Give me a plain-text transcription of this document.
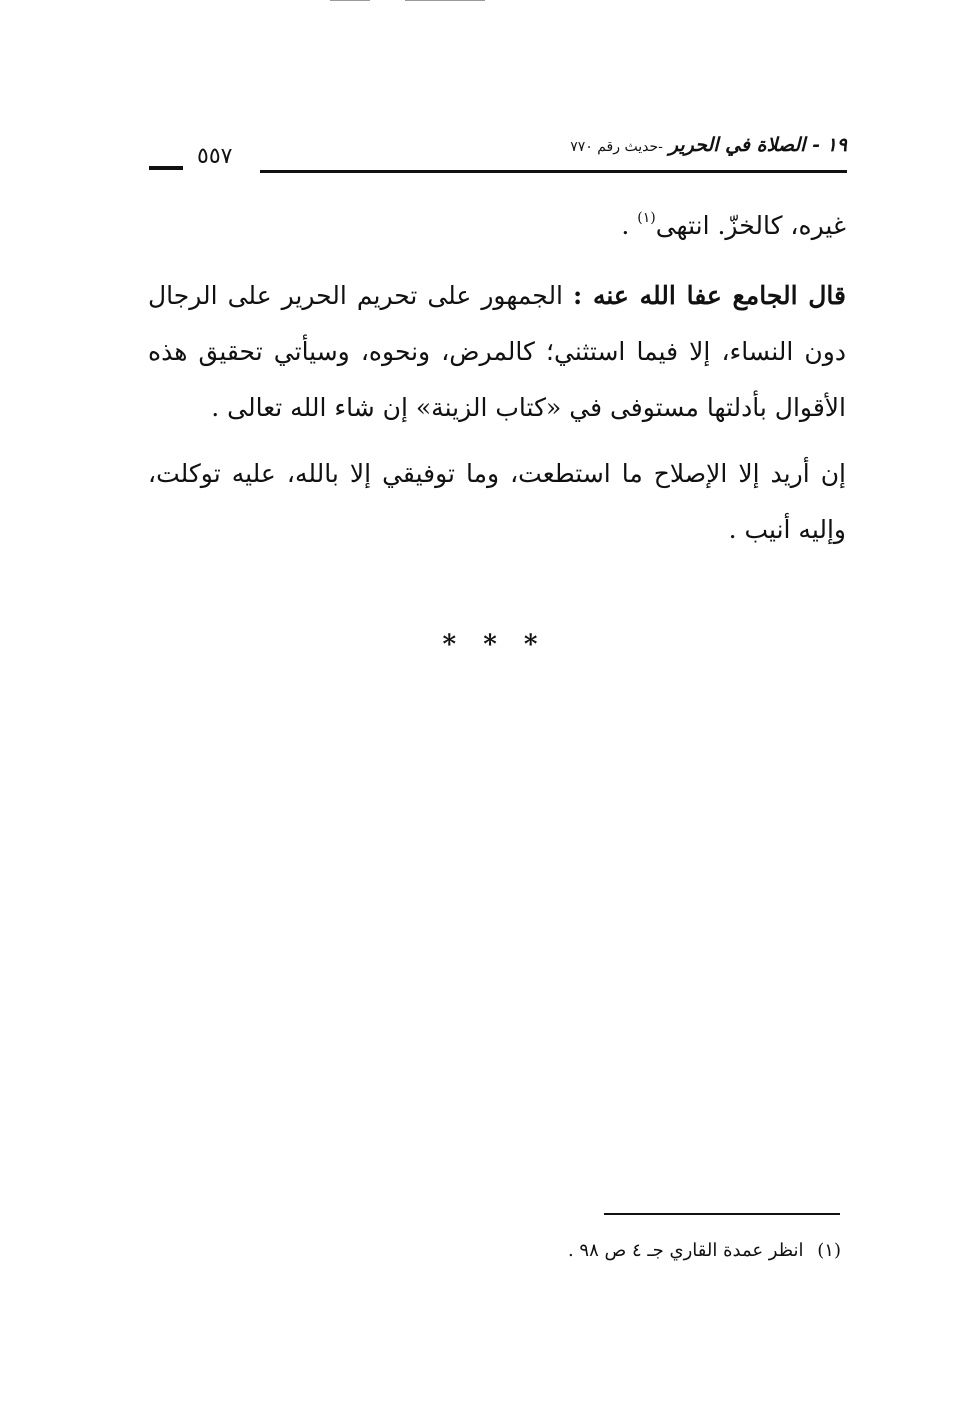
١٩ - الصلاة في الحرير -حديث رقم ٧٧٠
٥٥٧

غيره، كالخزّ. انتهى$^{(١)}$ .

قال الجامع عفا الله عنه : الجمهور على تحريم الحرير على الرجال دون النساء، إلا فيما استثني؛ كالمرض، ونحوه، وسيأتي تحقيق هذه الأقوال بأدلتها مستوفى في «كتاب الزينة» إن شاء الله تعالى .

إن أريد إلا الإصلاح ما استطعت، وما توفيقي إلا بالله، عليه توكلت، وإليه أنيب .

* * *
(١) انظر عمدة القاري جـ ٤ ص ٩٨ .
